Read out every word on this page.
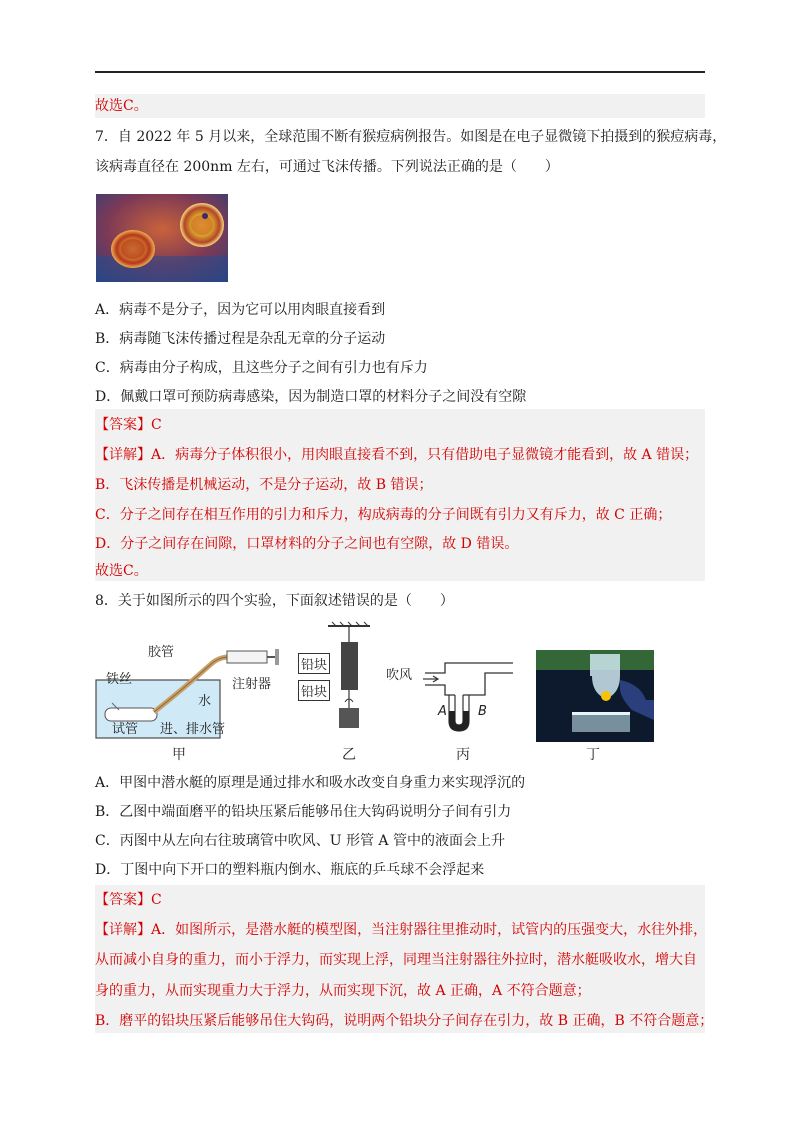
故选C。
7．自 2022 年 5 月以来，全球范围不断有猴痘病例报告。如图是在电子显微镜下拍摄到的猴痘病毒，
该病毒直径在 200nm 左右，可通过飞沫传播。下列说法正确的是（　　）
A．病毒不是分子，因为它可以用肉眼直接看到
B．病毒随飞沫传播过程是杂乱无章的分子运动
C．病毒由分子构成，且这些分子之间有引力也有斥力
D．佩戴口罩可预防病毒感染，因为制造口罩的材料分子之间没有空隙
【答案】C
【详解】A．病毒分子体积很小，用肉眼直接看不到，只有借助电子显微镜才能看到，故 A 错误；
B．飞沫传播是机械运动，不是分子运动，故 B 错误；
C．分子之间存在相互作用的引力和斥力，构成病毒的分子间既有引力又有斥力，故 C 正确；
D．分子之间存在间隙，口罩材料的分子之间也有空隙，故 D 错误。
故选C。
8．关于如图所示的四个实验，下面叙述错误的是（　　）
铁丝
胶管
注射器
水
试管 进、排水管
甲
铅块
铅块
乙
吹风
A B
丙	丁
A．甲图中潜水艇的原理是通过排水和吸水改变自身重力来实现浮沉的
B．乙图中端面磨平的铅块压紧后能够吊住大钩码说明分子间有引力
C．丙图中从左向右往玻璃管中吹风、U 形管 A 管中的液面会上升
D．丁图中向下开口的塑料瓶内倒水、瓶底的乒乓球不会浮起来
【答案】C
【详解】A．如图所示，是潜水艇的模型图，当注射器往里推动时，试管内的压强变大，水往外排，
从而减小自身的重力，而小于浮力，而实现上浮，同理当注射器往外拉时，潜水艇吸收水，增大自
身的重力，从而实现重力大于浮力，从而实现下沉，故 A 正确，A 不符合题意；
B．磨平的铅块压紧后能够吊住大钩码，说明两个铅块分子间存在引力，故 B 正确，B 不符合题意；
